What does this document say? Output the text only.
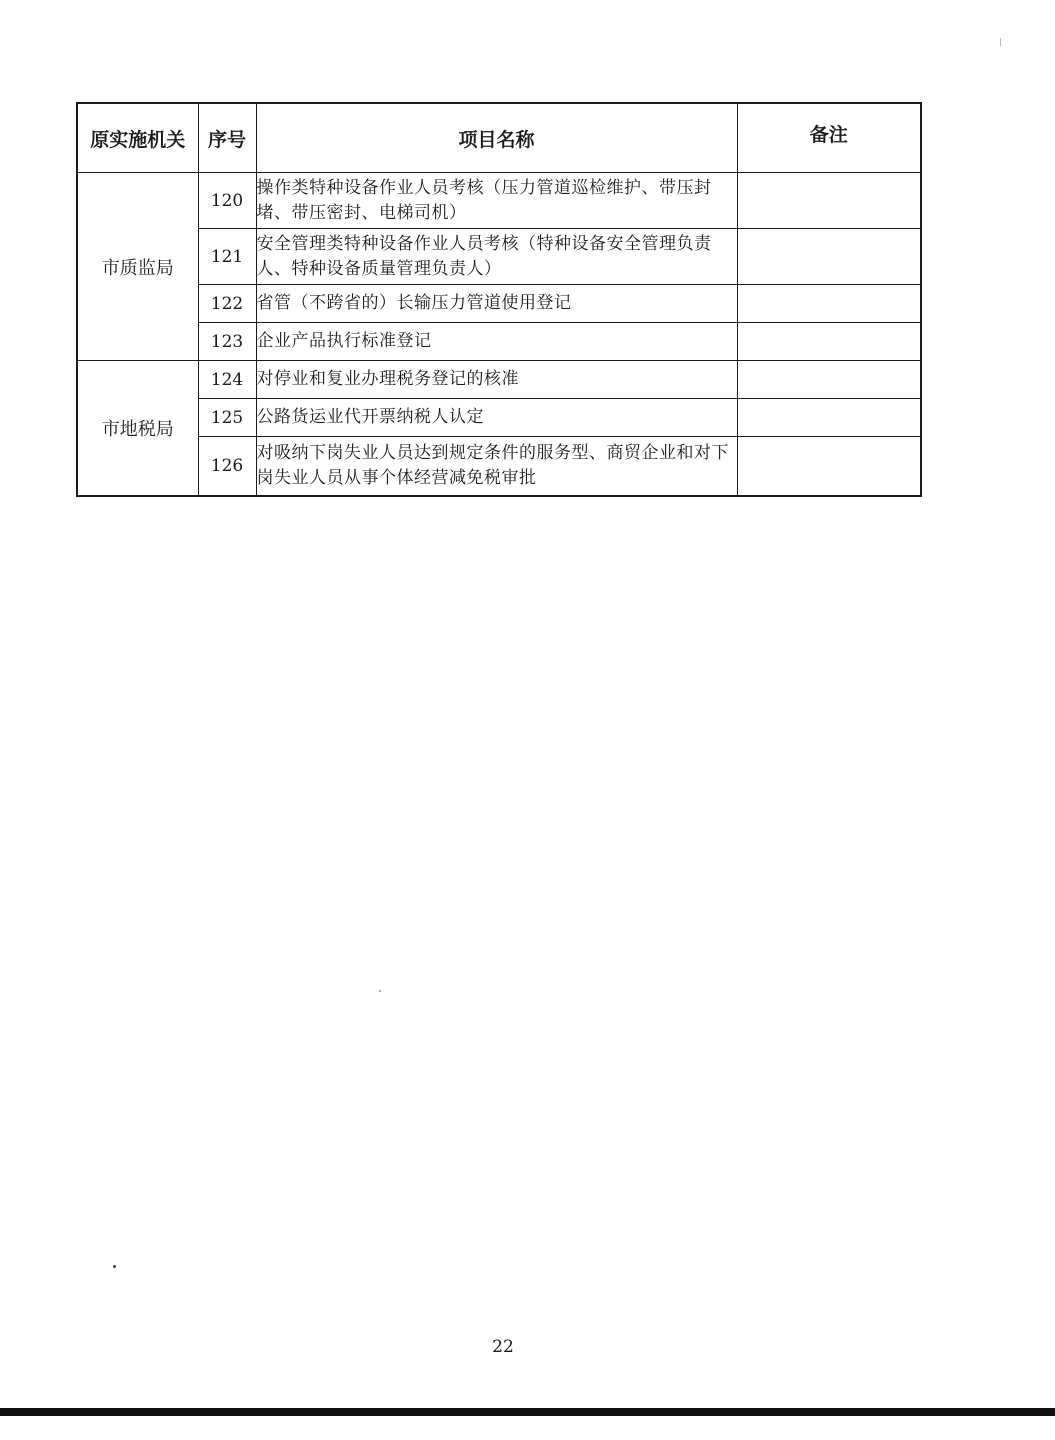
原实施机关	序号	项目名称	备注
市质监局	120	操作类特种设备作业人员考核（压力管道巡检维护、带压封堵、带压密封、电梯司机）	
	121	安全管理类特种设备作业人员考核（特种设备安全管理负责人、特种设备质量管理负责人）	
	122	省管（不跨省的）长输压力管道使用登记	
	123	企业产品执行标准登记	
市地税局	124	对停业和复业办理税务登记的核准	
	125	公路货运业代开票纳税人认定	
	126	对吸纳下岗失业人员达到规定条件的服务型、商贸企业和对下岗失业人员从事个体经营减免税审批	
22
